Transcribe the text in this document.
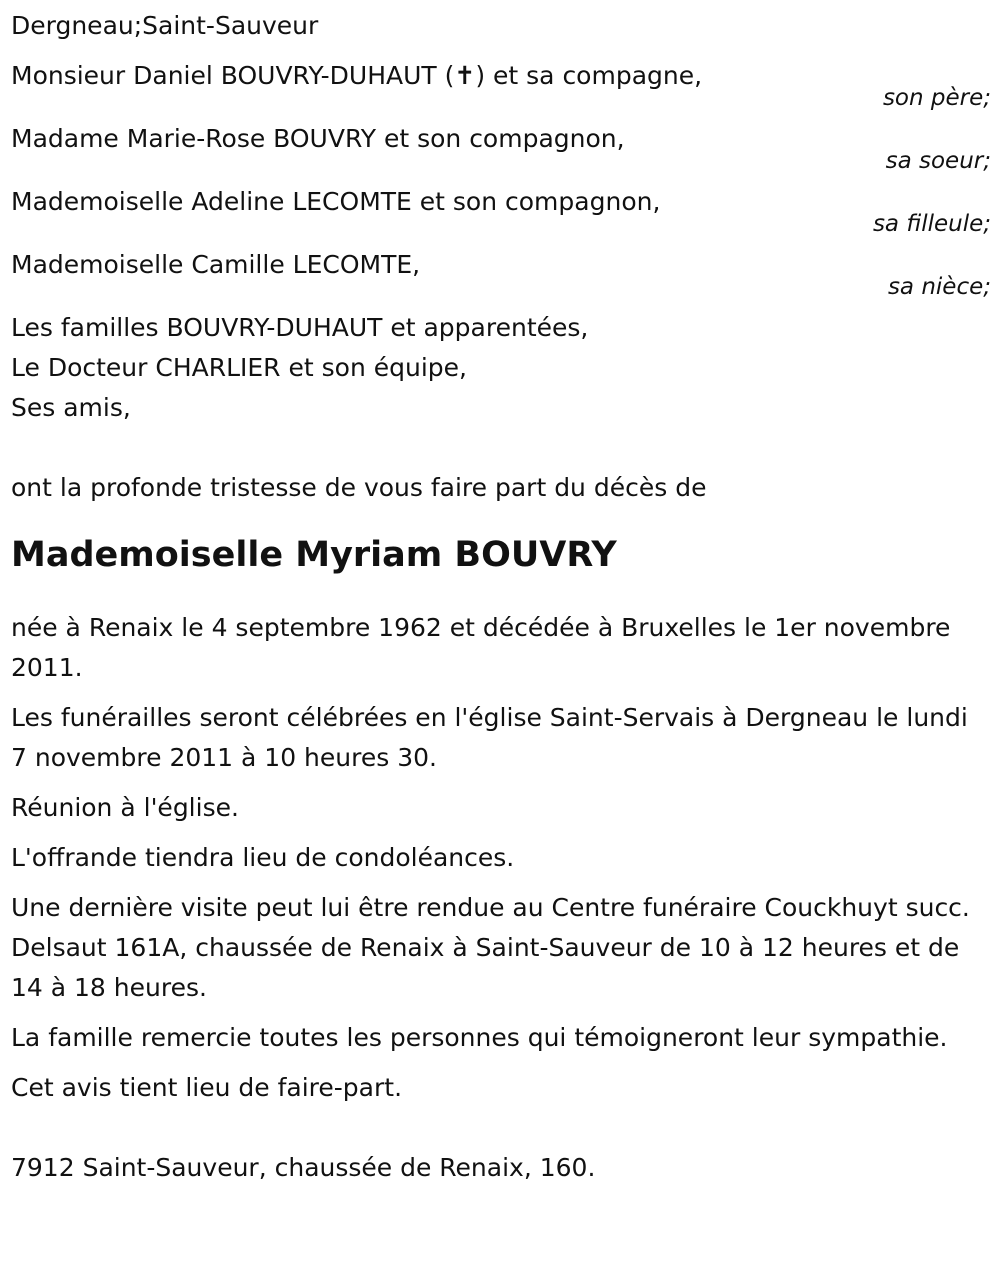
Dergneau;Saint-Sauveur
Monsieur Daniel BOUVRY-DUHAUT (✝) et sa compagne,
son père;
Madame Marie-Rose BOUVRY et son compagnon,
sa soeur;
Mademoiselle Adeline LECOMTE et son compagnon,
sa filleule;
Mademoiselle Camille LECOMTE,
sa nièce;
Les familles BOUVRY-DUHAUT et apparentées,
Le Docteur CHARLIER et son équipe,
Ses amis,
ont la profonde tristesse de vous faire part du décès de
Mademoiselle Myriam BOUVRY
née à Renaix le 4 septembre 1962 et décédée à Bruxelles le 1er novembre 2011.
Les funérailles seront célébrées en l'église Saint-Servais à Dergneau le lundi 7 novembre 2011 à 10 heures 30.
Réunion à l'église.
L'offrande tiendra lieu de condoléances.
Une dernière visite peut lui être rendue au Centre funéraire Couckhuyt succ. Delsaut 161A, chaussée de Renaix à Saint-Sauveur de 10 à 12 heures et de 14 à 18 heures.
La famille remercie toutes les personnes qui témoigneront leur sympathie.
Cet avis tient lieu de faire-part.
7912 Saint-Sauveur, chaussée de Renaix, 160.
